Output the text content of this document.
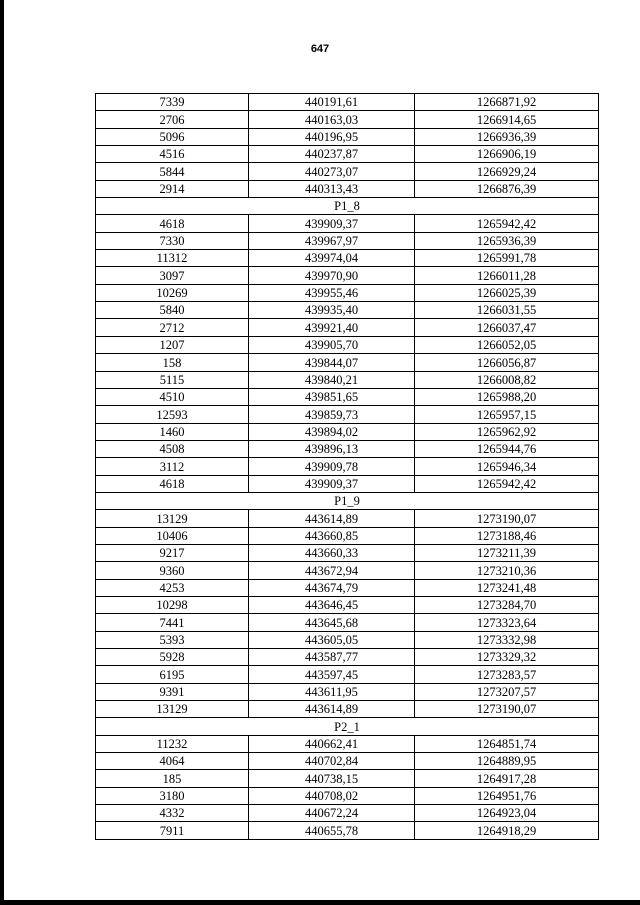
647
7339	440191,61	1266871,92
2706	440163,03	1266914,65
5096	440196,95	1266936,39
4516	440237,87	1266906,19
5844	440273,07	1266929,24
2914	440313,43	1266876,39
P1_8		
4618	439909,37	1265942,42
7330	439967,97	1265936,39
11312	439974,04	1265991,78
3097	439970,90	1266011,28
10269	439955,46	1266025,39
5840	439935,40	1266031,55
2712	439921,40	1266037,47
1207	439905,70	1266052,05
158	439844,07	1266056,87
5115	439840,21	1266008,82
4510	439851,65	1265988,20
12593	439859,73	1265957,15
1460	439894,02	1265962,92
4508	439896,13	1265944,76
3112	439909,78	1265946,34
4618	439909,37	1265942,42
P1_9		
13129	443614,89	1273190,07
10406	443660,85	1273188,46
9217	443660,33	1273211,39
9360	443672,94	1273210,36
4253	443674,79	1273241,48
10298	443646,45	1273284,70
7441	443645,68	1273323,64
5393	443605,05	1273332,98
5928	443587,77	1273329,32
6195	443597,45	1273283,57
9391	443611,95	1273207,57
13129	443614,89	1273190,07
P2_1		
11232	440662,41	1264851,74
4064	440702,84	1264889,95
185	440738,15	1264917,28
3180	440708,02	1264951,76
4332	440672,24	1264923,04
7911	440655,78	1264918,29
